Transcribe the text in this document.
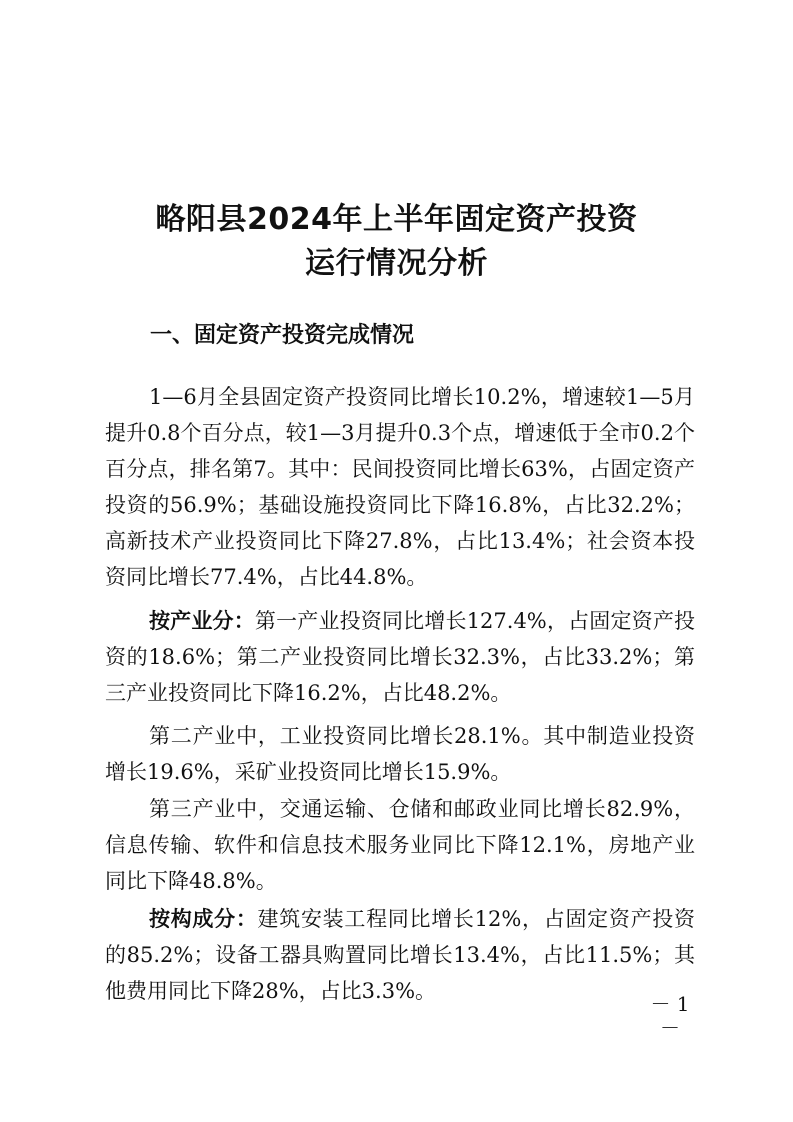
略阳县2024年上半年固定资产投资
运行情况分析
一、固定资产投资完成情况

1—6月全县固定资产投资同比增长10.2%，增速较1—5月提升0.8个百分点，较1—3月提升0.3个点，增速低于全市0.2个百分点，排名第7。其中：民间投资同比增长63%，占固定资产投资的56.9%；基础设施投资同比下降16.8%，占比32.2%；高新技术产业投资同比下降27.8%，占比13.4%；社会资本投资同比增长77.4%，占比44.8%。

按产业分：第一产业投资同比增长127.4%，占固定资产投资的18.6%；第二产业投资同比增长32.3%，占比33.2%；第三产业投资同比下降16.2%，占比48.2%。

第二产业中，工业投资同比增长28.1%。其中制造业投资增长19.6%，采矿业投资同比增长15.9%。

第三产业中，交通运输、仓储和邮政业同比增长82.9%，信息传输、软件和信息技术服务业同比下降12.1%，房地产业同比下降48.8%。

按构成分：建筑安装工程同比增长12%，占固定资产投资的85.2%；设备工器具购置同比增长13.4%，占比11.5%；其他费用同比下降28%，占比3.3%。

－ 1 －
